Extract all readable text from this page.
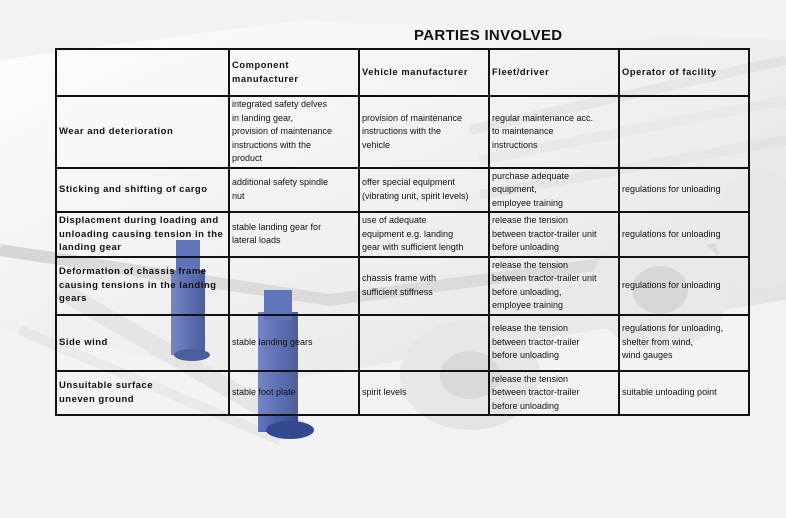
PARTIES INVOLVED

	Component
manufacturer	Vehicle manufacturer	Fleet/driver	Operator of facility

Wear and deterioration	integrated safety delves
in landing gear,
provision of maintenance
instructions with the
product	provision of maintenance
instructions with the
vehicle	regular maintenance acc.
to maintenance
instructions	

Sticking and shifting of cargo	additional safety spindle
nut	offer special equipment
(vibrating unit, spirit levels)	purchase adequate
equipment,
employee training	regulations for unloading

Displacment during loading and
unloading causing tension in the
landing gear	stable landing gear for
lateral loads	use of adequate
equipment e.g. landing
gear with sufficient length	release the tension
between tractor-trailer unit
before unloading	regulations for unloading

Deformation of chassis frame
causing tensions in the landing
gears		chassis frame with
sufficient stiffness	release the tension
between tractor-trailer unit
before unloading,
employee training	regulations for unloading

Side wind	stable landing gears		release the tension
between tractor-trailer
before unloading	regulations for unloading,
shelter from wind,
wind gauges

Unsuitable surface
uneven ground	stable foot plate	spirit levels	release the tension
between tractor-trailer
before unloading	suitable unloading point
